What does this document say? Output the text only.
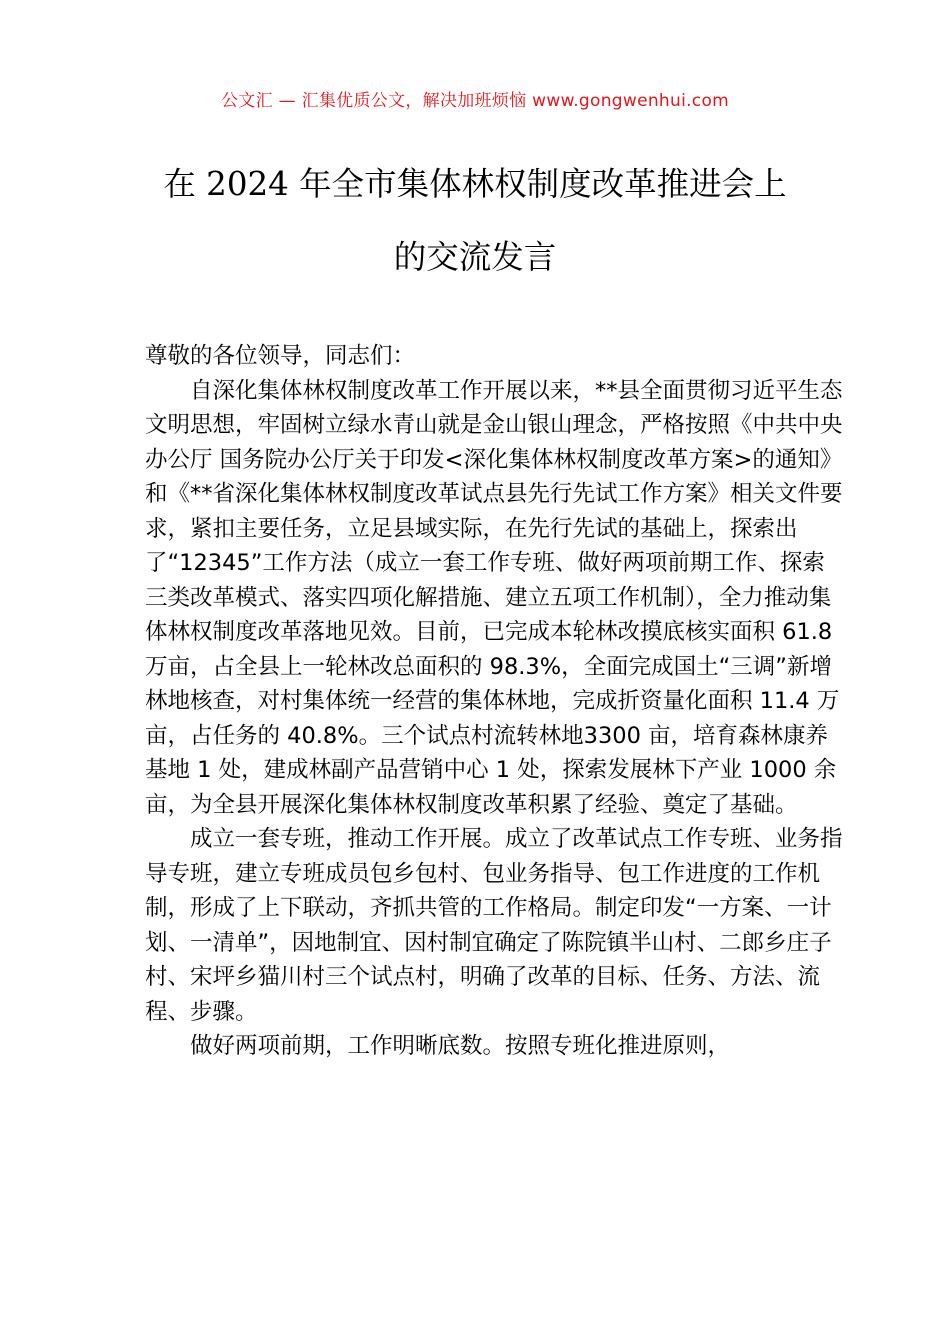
公文汇 — 汇集优质公文，解决加班烦恼 www.gongwenhui.com
在 2024 年全市集体林权制度改革推进会上
的交流发言

尊敬的各位领导，同志们：

自深化集体林权制度改革工作开展以来，**县全面贯彻习近平生态文明思想，牢固树立绿水青山就是金山银山理念，严格按照《中共中央办公厅 国务院办公厅关于印发<深化集体林权制度改革方案>的通知》和《**省深化集体林权制度改革试点县先行先试工作方案》相关文件要求，紧扣主要任务，立足县域实际，在先行先试的基础上，探索出了“12345”工作方法（成立一套工作专班、做好两项前期工作、探索三类改革模式、落实四项化解措施、建立五项工作机制），全力推动集体林权制度改革落地见效。目前，已完成本轮林改摸底核实面积 61.8 万亩，占全县上一轮林改总面积的 98.3%，全面完成国土“三调”新增林地核查，对村集体统一经营的集体林地，完成折资量化面积 11.4 万亩，占任务的 40.8%。三个试点村流转林地3300 亩，培育森林康养基地 1 处，建成林副产品营销中心 1 处，探索发展林下产业 1000 余亩，为全县开展深化集体林权制度改革积累了经验、奠定了基础。

成立一套专班，推动工作开展。成立了改革试点工作专班、业务指导专班，建立专班成员包乡包村、包业务指导、包工作进度的工作机制，形成了上下联动，齐抓共管的工作格局。制定印发“一方案、一计划、一清单”，因地制宜、因村制宜确定了陈院镇半山村、二郎乡庄子村、宋坪乡猫川村三个试点村，明确了改革的目标、任务、方法、流程、步骤。

做好两项前期，工作明晰底数。按照专班化推进原则，
